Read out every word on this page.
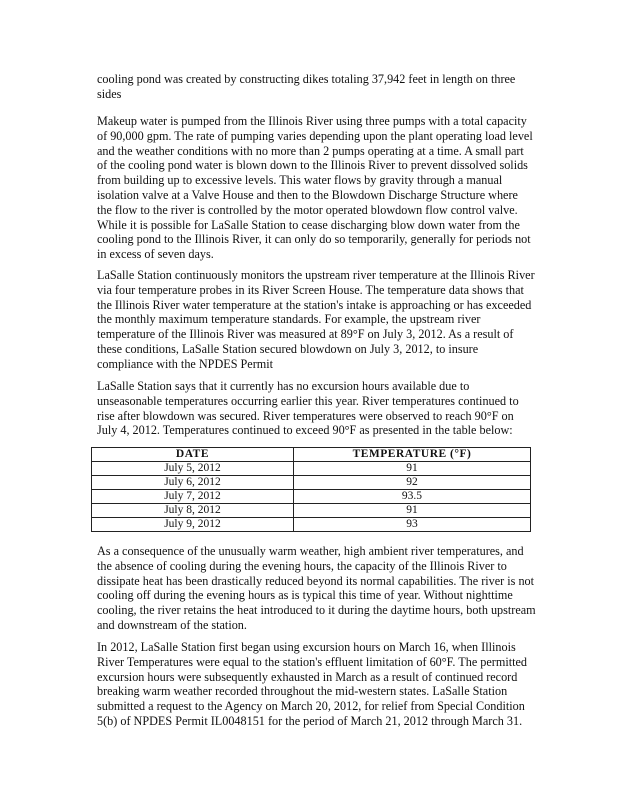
cooling pond was created by constructing dikes totaling 37,942 feet in length on three sides

Makeup water is pumped from the Illinois River using three pumps with a total capacity of 90,000 gpm. The rate of pumping varies depending upon the plant operating load level and the weather conditions with no more than 2 pumps operating at a time. A small part of the cooling pond water is blown down to the Illinois River to prevent dissolved solids from building up to excessive levels. This water flows by gravity through a manual isolation valve at a Valve House and then to the Blowdown Discharge Structure where the flow to the river is controlled by the motor operated blowdown flow control valve. While it is possible for LaSalle Station to cease discharging blow down water from the cooling pond to the Illinois River, it can only do so temporarily, generally for periods not in excess of seven days.

LaSalle Station continuously monitors the upstream river temperature at the Illinois River via four temperature probes in its River Screen House. The temperature data shows that the Illinois River water temperature at the station's intake is approaching or has exceeded the monthly maximum temperature standards. For example, the upstream river temperature of the Illinois River was measured at 89°F on July 3, 2012. As a result of these conditions, LaSalle Station secured blowdown on July 3, 2012, to insure compliance with the NPDES Permit

LaSalle Station says that it currently has no excursion hours available due to unseasonable temperatures occurring earlier this year. River temperatures continued to rise after blowdown was secured. River temperatures were observed to reach 90°F on July 4, 2012. Temperatures continued to exceed 90°F as presented in the table below:

DATE	TEMPERATURE (°F)
July 5, 2012	91
July 6, 2012	92
July 7, 2012	93.5
July 8, 2012	91
July 9, 2012	93

As a consequence of the unusually warm weather, high ambient river temperatures, and the absence of cooling during the evening hours, the capacity of the Illinois River to dissipate heat has been drastically reduced beyond its normal capabilities. The river is not cooling off during the evening hours as is typical this time of year. Without nighttime cooling, the river retains the heat introduced to it during the daytime hours, both upstream and downstream of the station.

In 2012, LaSalle Station first began using excursion hours on March 16, when Illinois River Temperatures were equal to the station's effluent limitation of 60°F. The permitted excursion hours were subsequently exhausted in March as a result of continued record breaking warm weather recorded throughout the mid-western states. LaSalle Station submitted a request to the Agency on March 20, 2012, for relief from Special Condition 5(b) of NPDES Permit IL0048151 for the period of March 21, 2012 through March 31.
